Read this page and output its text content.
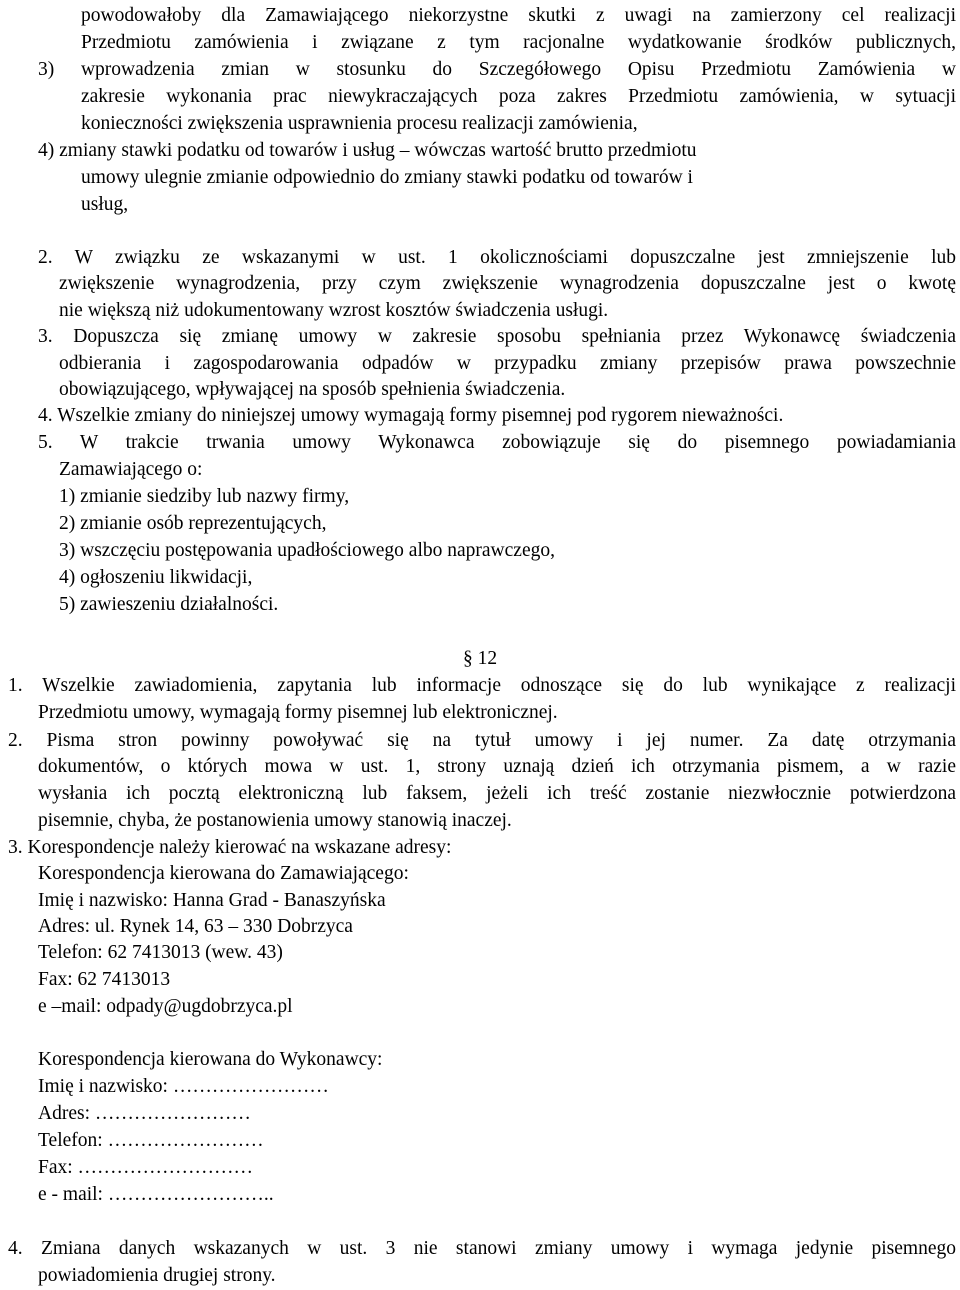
powodowałoby dla Zamawiającego niekorzystne skutki z uwagi na zamierzony cel realizacji
Przedmiotu zamówienia i związane z tym racjonalne wydatkowanie środków publicznych,
3) wprowadzenia zmian w stosunku do Szczegółowego Opisu Przedmiotu Zamówienia w
zakresie wykonania prac niewykraczających poza zakres Przedmiotu zamówienia, w sytuacji
konieczności zwiększenia usprawnienia procesu realizacji zamówienia,
4) zmiany stawki podatku od towarów i usług – wówczas wartość brutto przedmiotu
umowy ulegnie zmianie odpowiednio do zmiany stawki podatku od towarów i
usług,
2. W związku ze wskazanymi w ust. 1 okolicznościami dopuszczalne jest zmniejszenie lub
zwiększenie wynagrodzenia, przy czym zwiększenie wynagrodzenia dopuszczalne jest o kwotę
nie większą niż udokumentowany wzrost kosztów świadczenia usługi.
3. Dopuszcza się zmianę umowy w zakresie sposobu spełniania przez Wykonawcę świadczenia
odbierania i zagospodarowania odpadów w przypadku zmiany przepisów prawa powszechnie
obowiązującego, wpływającej na sposób spełnienia świadczenia.
4. Wszelkie zmiany do niniejszej umowy wymagają formy pisemnej pod rygorem nieważności.
5. W trakcie trwania umowy Wykonawca zobowiązuje się do pisemnego powiadamiania
Zamawiającego o:
1) zmianie siedziby lub nazwy firmy,
2) zmianie osób reprezentujących,
3) wszczęciu postępowania upadłościowego albo naprawczego,
4) ogłoszeniu likwidacji,
5) zawieszeniu działalności.
§ 12
1. Wszelkie zawiadomienia, zapytania lub informacje odnoszące się do lub wynikające z realizacji
Przedmiotu umowy, wymagają formy pisemnej lub elektronicznej.
2. Pisma stron powinny powoływać się na tytuł umowy i jej numer. Za datę otrzymania
dokumentów, o których mowa w ust. 1, strony uznają dzień ich otrzymania pismem, a w razie
wysłania ich pocztą elektroniczną lub faksem, jeżeli ich treść zostanie niezwłocznie potwierdzona
pisemnie, chyba, że postanowienia umowy stanowią inaczej.
3. Korespondencje należy kierować na wskazane adresy:
Korespondencja kierowana do Zamawiającego:
Imię i nazwisko: Hanna Grad - Banaszyńska
Adres: ul. Rynek 14, 63 – 330 Dobrzyca
Telefon: 62 7413013 (wew. 43)
Fax: 62 7413013
e –mail: odpady@ugdobrzyca.pl
Korespondencja kierowana do Wykonawcy:
Imię i nazwisko: ……………………
Adres: ……………………
Telefon: ……………………
Fax: ………………………
e - mail: ……………………..
4. Zmiana danych wskazanych w ust. 3 nie stanowi zmiany umowy i wymaga jedynie pisemnego
powiadomienia drugiej strony.
